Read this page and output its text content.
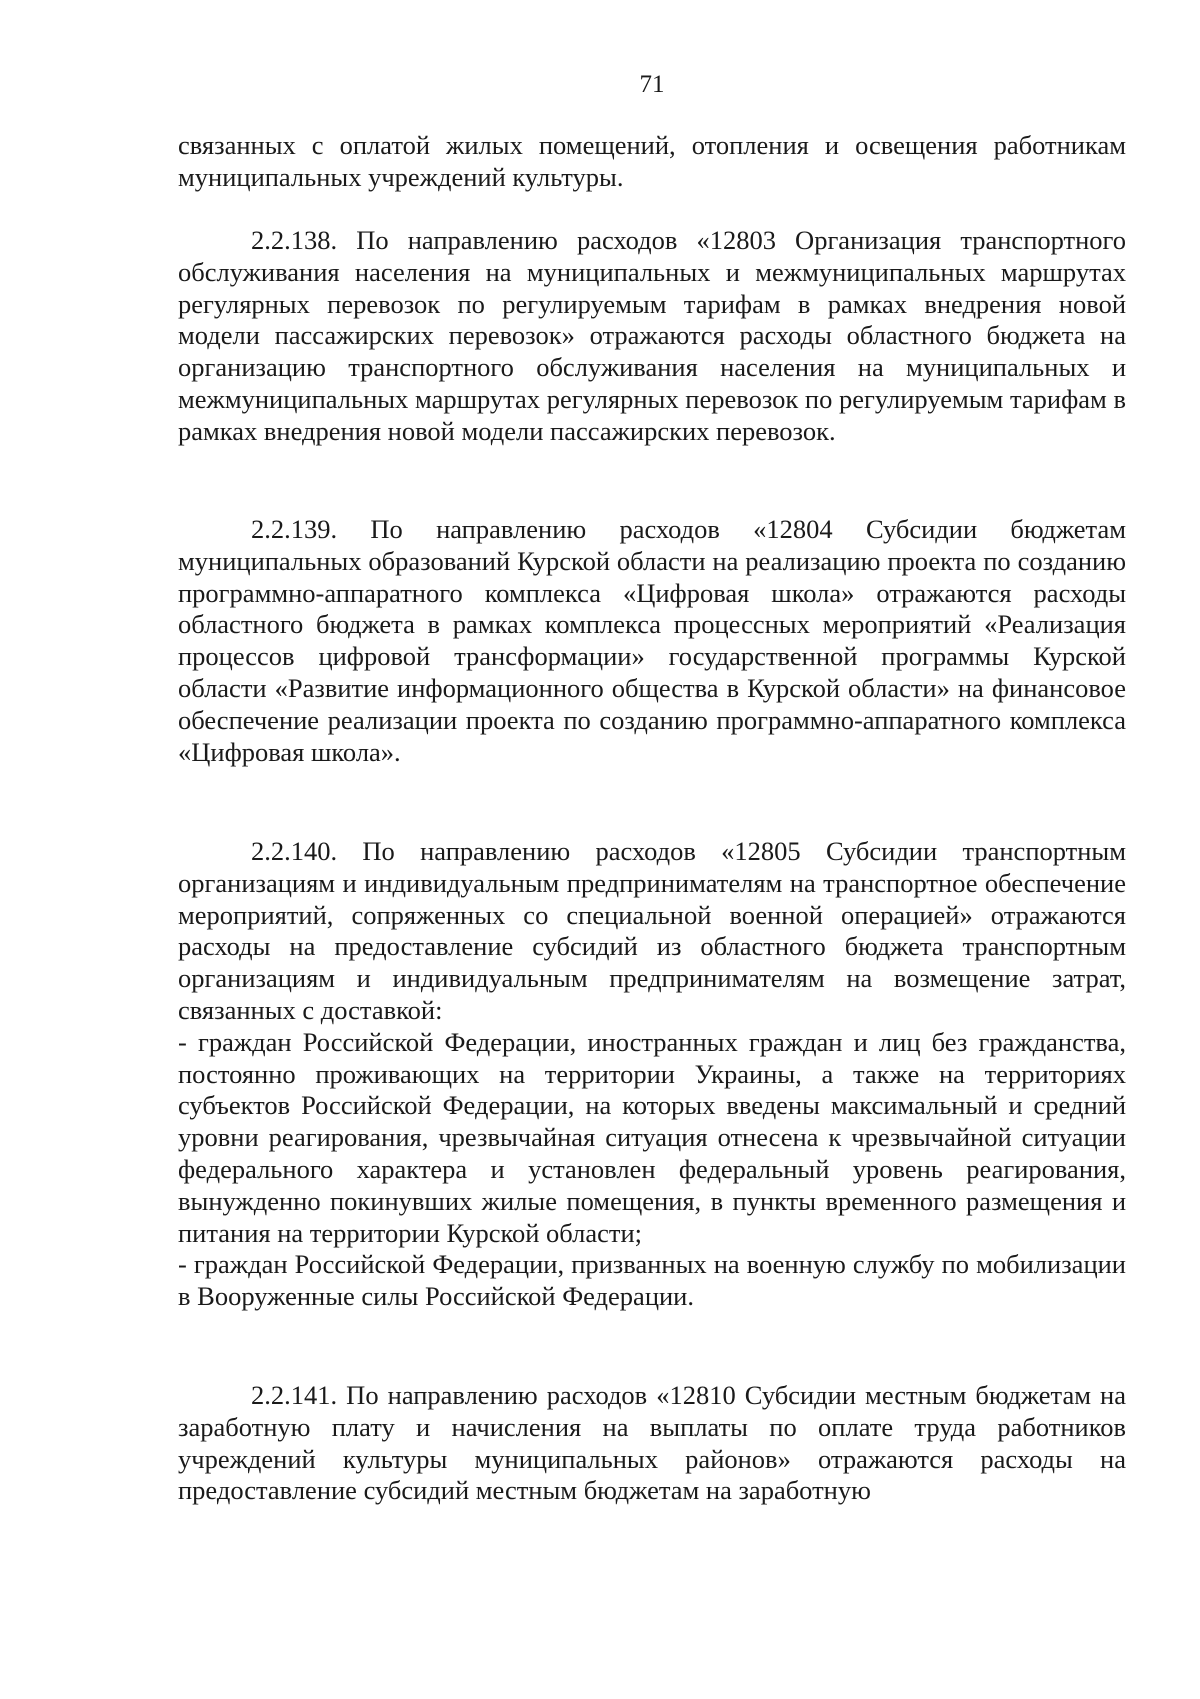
71

связанных с оплатой жилых помещений, отопления и освещения работникам муниципальных учреждений культуры.

2.2.138. По направлению расходов «12803 Организация транспортного обслуживания населения на муниципальных и межмуниципальных маршрутах регулярных перевозок по регулируемым тарифам в рамках внедрения новой модели пассажирских перевозок» отражаются расходы областного бюджета на организацию транспортного обслуживания населения на муниципальных и межмуниципальных маршрутах регулярных перевозок по регулируемым тарифам в рамках внедрения новой модели пассажирских перевозок.

2.2.139. По направлению расходов «12804 Субсидии бюджетам муниципальных образований Курской области на реализацию проекта по созданию программно-аппаратного комплекса «Цифровая школа» отражаются расходы областного бюджета в рамках комплекса процессных мероприятий «Реализация процессов цифровой трансформации» государственной программы Курской области «Развитие информационного общества в Курской области» на финансовое обеспечение реализации проекта по созданию программно-аппаратного комплекса «Цифровая школа».

2.2.140. По направлению расходов «12805 Субсидии транспортным организациям и индивидуальным предпринимателям на транспортное обеспечение мероприятий, сопряженных со специальной военной операцией» отражаются расходы на предоставление субсидий из областного бюджета транспортным организациям и индивидуальным предпринимателям на возмещение затрат, связанных с доставкой:

- граждан Российской Федерации, иностранных граждан и лиц без гражданства, постоянно проживающих на территории Украины, а также на территориях субъектов Российской Федерации, на которых введены максимальный и средний уровни реагирования, чрезвычайная ситуация отнесена к чрезвычайной ситуации федерального характера и установлен федеральный уровень реагирования, вынужденно покинувших жилые помещения, в пункты временного размещения и питания на территории Курской области;

- граждан Российской Федерации, призванных на военную службу по мобилизации в Вооруженные силы Российской Федерации.

2.2.141. По направлению расходов «12810 Субсидии местным бюджетам на заработную плату и начисления на выплаты по оплате труда работников учреждений культуры муниципальных районов» отражаются расходы на предоставление субсидий местным бюджетам на заработную
